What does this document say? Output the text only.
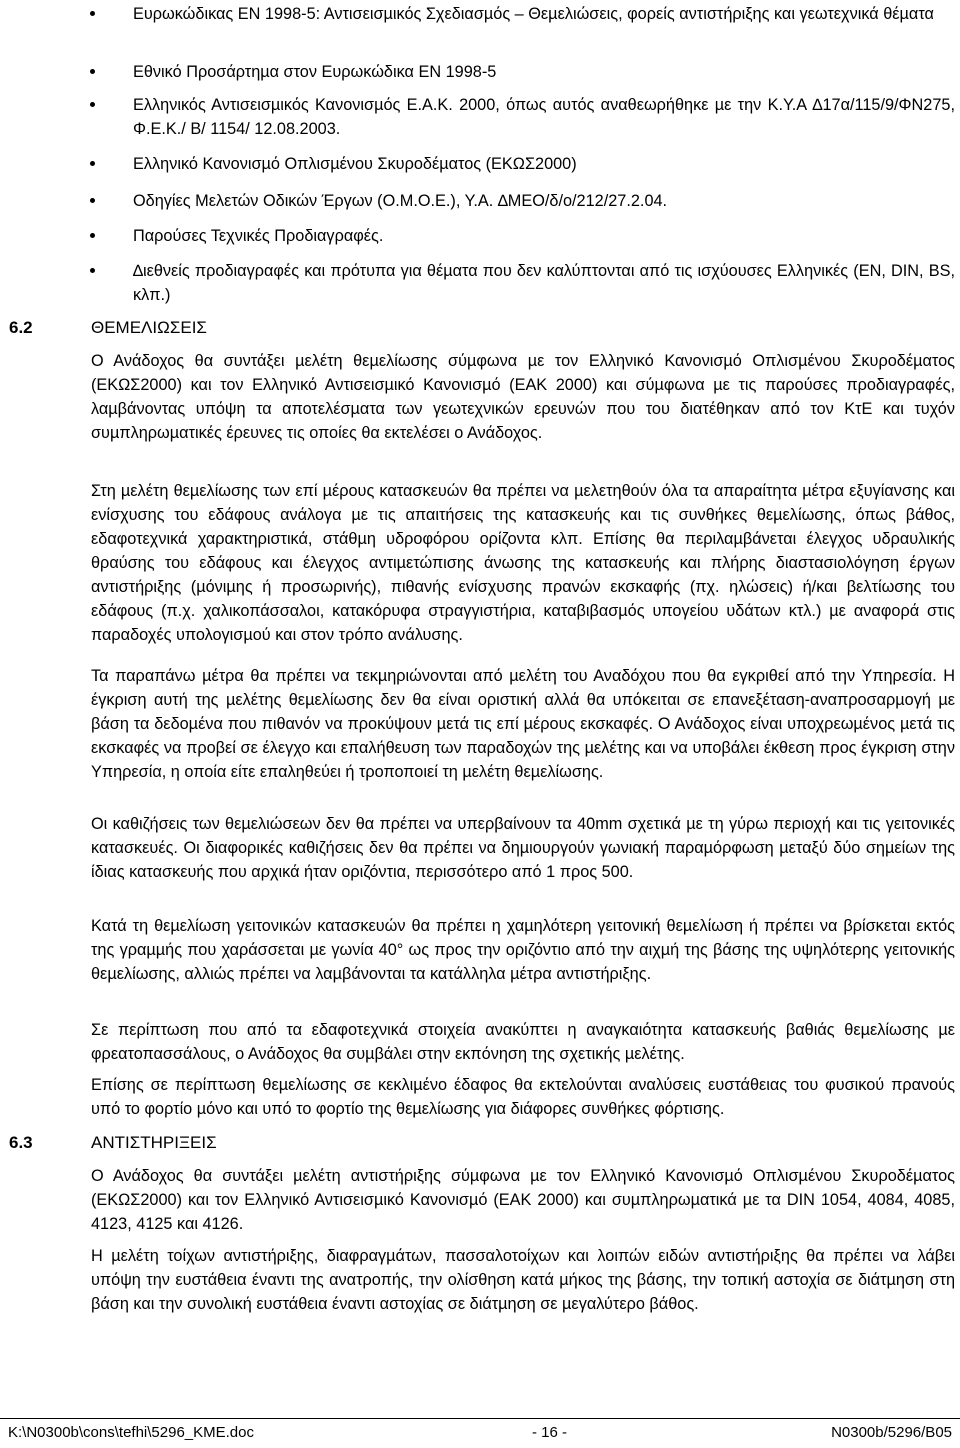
Ευρωκώδικας ΕΝ 1998-5: Αντισεισµικός Σχεδιασµός – Θεµελιώσεις, φορείς αντιστήριξης και γεωτεχνικά θέµατα
Εθνικό Προσάρτηµα στον Ευρωκώδικα ΕΝ 1998-5
Ελληνικός Αντισεισµικός Κανονισµός Ε.Α.Κ. 2000, όπως αυτός αναθεωρήθηκε µε την Κ.Υ.Α ∆17α/115/9/ΦΝ275, Φ.Ε.Κ./ Β/ 1154/ 12.08.2003.
Ελληνικό Κανονισµό Οπλισµένου Σκυροδέµατος (ΕΚΩΣ2000)
Οδηγίες Μελετών Οδικών Έργων (Ο.Μ.Ο.Ε.), Υ.Α. ∆ΜΕΟ/δ/ο/212/27.2.04.
Παρούσες Τεχνικές Προδιαγραφές.
∆ιεθνείς προδιαγραφές και πρότυπα για θέµατα που δεν καλύπτονται από τις ισχύουσες Ελληνικές (EN, DIN, BS, κλπ.)
6.2	ΘΕΜΕΛΙΩΣΕΙΣ
Ο Ανάδοχος θα συντάξει µελέτη θεµελίωσης σύµφωνα µε τον Ελληνικό Κανονισµό Οπλισµένου Σκυροδέµατος (ΕΚΩΣ2000) και τον Ελληνικό Αντισεισµικό Κανονισµό (ΕΑΚ 2000) και σύµφωνα µε τις παρούσες προδιαγραφές, λαµβάνοντας υπόψη τα αποτελέσµατα των γεωτεχνικών ερευνών που του διατέθηκαν από τον ΚτΕ και τυχόν συµπληρωµατικές έρευνες τις οποίες θα εκτελέσει ο Ανάδοχος.
Στη µελέτη θεµελίωσης των επί µέρους κατασκευών θα πρέπει να µελετηθούν όλα τα απαραίτητα µέτρα εξυγίανσης και ενίσχυσης του εδάφους ανάλογα µε τις απαιτήσεις της κατασκευής και τις συνθήκες θεµελίωσης, όπως βάθος, εδαφοτεχνικά χαρακτηριστικά, στάθµη υδροφόρου ορίζοντα κλπ. Επίσης θα περιλαµβάνεται έλεγχος υδραυλικής θραύσης του εδάφους και έλεγχος αντιµετώπισης άνωσης της κατασκευής και πλήρης διαστασιολόγηση έργων αντιστήριξης (µόνιµης ή προσωρινής), πιθανής ενίσχυσης πρανών εκσκαφής (πχ. ηλώσεις) ή/και βελτίωσης του εδάφους (π.χ. χαλικοπάσσαλοι, κατακόρυφα στραγγιστήρια, καταβιβασµός υπογείου υδάτων κτλ.) µε αναφορά στις παραδοχές υπολογισµού και στον τρόπο ανάλυσης.
Τα παραπάνω µέτρα θα πρέπει να τεκµηριώνονται από µελέτη του Αναδόχου που θα εγκριθεί από την Υπηρεσία. Η έγκριση αυτή της µελέτης θεµελίωσης δεν θα είναι οριστική αλλά θα υπόκειται σε επανεξέταση-αναπροσαρµογή µε βάση τα δεδοµένα που πιθανόν να προκύψουν µετά τις επί µέρους εκσκαφές. Ο Ανάδοχος είναι υποχρεωµένος µετά τις εκσκαφές να προβεί σε έλεγχο και επαλήθευση των παραδοχών της µελέτης και να υποβάλει έκθεση προς έγκριση στην Υπηρεσία, η οποία είτε επαληθεύει ή τροποποιεί τη µελέτη θεµελίωσης.
Οι καθιζήσεις των θεµελιώσεων δεν θα πρέπει να υπερβαίνουν τα 40mm σχετικά µε τη γύρω περιοχή και τις γειτονικές κατασκευές. Οι διαφορικές καθιζήσεις δεν θα πρέπει να δηµιουργούν γωνιακή παραµόρφωση µεταξύ δύο σηµείων της ίδιας κατασκευής που αρχικά ήταν οριζόντια, περισσότερο από 1 προς 500.
Κατά τη θεµελίωση γειτονικών κατασκευών θα πρέπει η χαµηλότερη γειτονική θεµελίωση ή πρέπει να βρίσκεται εκτός της γραµµής που χαράσσεται µε γωνία 40° ως προς την οριζόντιο από την αιχµή της βάσης της υψηλότερης γειτονικής θεµελίωσης, αλλιώς πρέπει να λαµβάνονται τα κατάλληλα µέτρα αντιστήριξης.
Σε περίπτωση που από τα εδαφοτεχνικά στοιχεία ανακύπτει η αναγκαιότητα κατασκευής βαθιάς θεµελίωσης µε φρεατοπασσάλους, ο Ανάδοχος θα συµβάλει στην εκπόνηση της σχετικής µελέτης.
Επίσης σε περίπτωση θεµελίωσης σε κεκλιµένο έδαφος θα εκτελούνται αναλύσεις ευστάθειας του φυσικού πρανούς υπό το φορτίο µόνο και υπό το φορτίο της θεµελίωσης για διάφορες συνθήκες φόρτισης.
6.3	ΑΝΤΙΣΤΗΡΙΞΕΙΣ
Ο Ανάδοχος θα συντάξει µελέτη αντιστήριξης σύµφωνα µε τον Ελληνικό Κανονισµό Οπλισµένου Σκυροδέµατος (ΕΚΩΣ2000) και τον Ελληνικό Αντισεισµικό Κανονισµό (ΕΑΚ 2000) και συµπληρωµατικά µε τα DIN 1054, 4084, 4085, 4123, 4125 και 4126.
Η µελέτη τοίχων αντιστήριξης, διαφραγµάτων, πασσαλοτοίχων και λοιπών ειδών αντιστήριξης θα πρέπει να λάβει υπόψη την ευστάθεια έναντι της ανατροπής, την ολίσθηση κατά µήκος της βάσης, την τοπική αστοχία σε διάτµηση στη βάση και την συνολική ευστάθεια έναντι αστοχίας σε διάτµηση σε µεγαλύτερο βάθος.
K:\N0300b\cons\tefhi\5296_KME.doc	- 16 -	N0300b/5296/B05
